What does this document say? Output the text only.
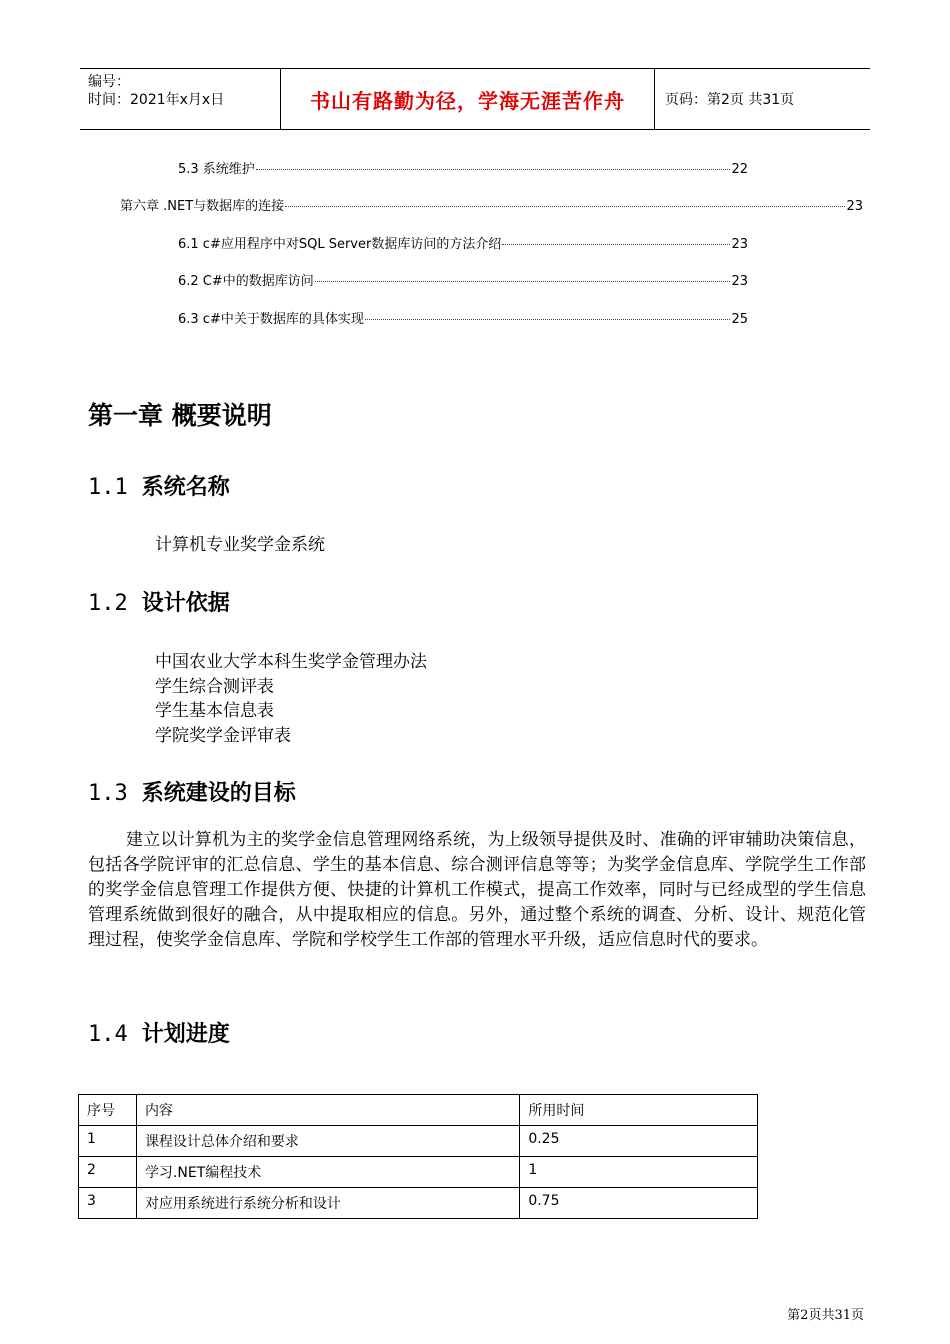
编号：
时间：2021年x月x日	书山有路勤为径，学海无涯苦作舟	页码：第2页 共31页
5.3 系统维护	22
第六章 .NET与数据库的连接	23
6.1 c#应用程序中对SQL Server数据库访问的方法介绍	23
6.2 C#中的数据库访问	23
6.3 c#中关于数据库的具体实现	25
第一章 概要说明
1.1 系统名称
计算机专业奖学金系统
1.2 设计依据
中国农业大学本科生奖学金管理办法
学生综合测评表
学生基本信息表
学院奖学金评审表
1.3 系统建设的目标
建立以计算机为主的奖学金信息管理网络系统，为上级领导提供及时、准确的评审辅助决策信息，包括各学院评审的汇总信息、学生的基本信息、综合测评信息等等；为奖学金信息库、学院学生工作部的奖学金信息管理工作提供方便、快捷的计算机工作模式，提高工作效率，同时与已经成型的学生信息管理系统做到很好的融合，从中提取相应的信息。另外，通过整个系统的调查、分析、设计、规范化管理过程，使奖学金信息库、学院和学校学生工作部的管理水平升级，适应信息时代的要求。
1.4 计划进度
序号	内容	所用时间
1	课程设计总体介绍和要求	0.25
2	学习.NET编程技术	1
3	对应用系统进行系统分析和设计	0.75
第2页共31页
